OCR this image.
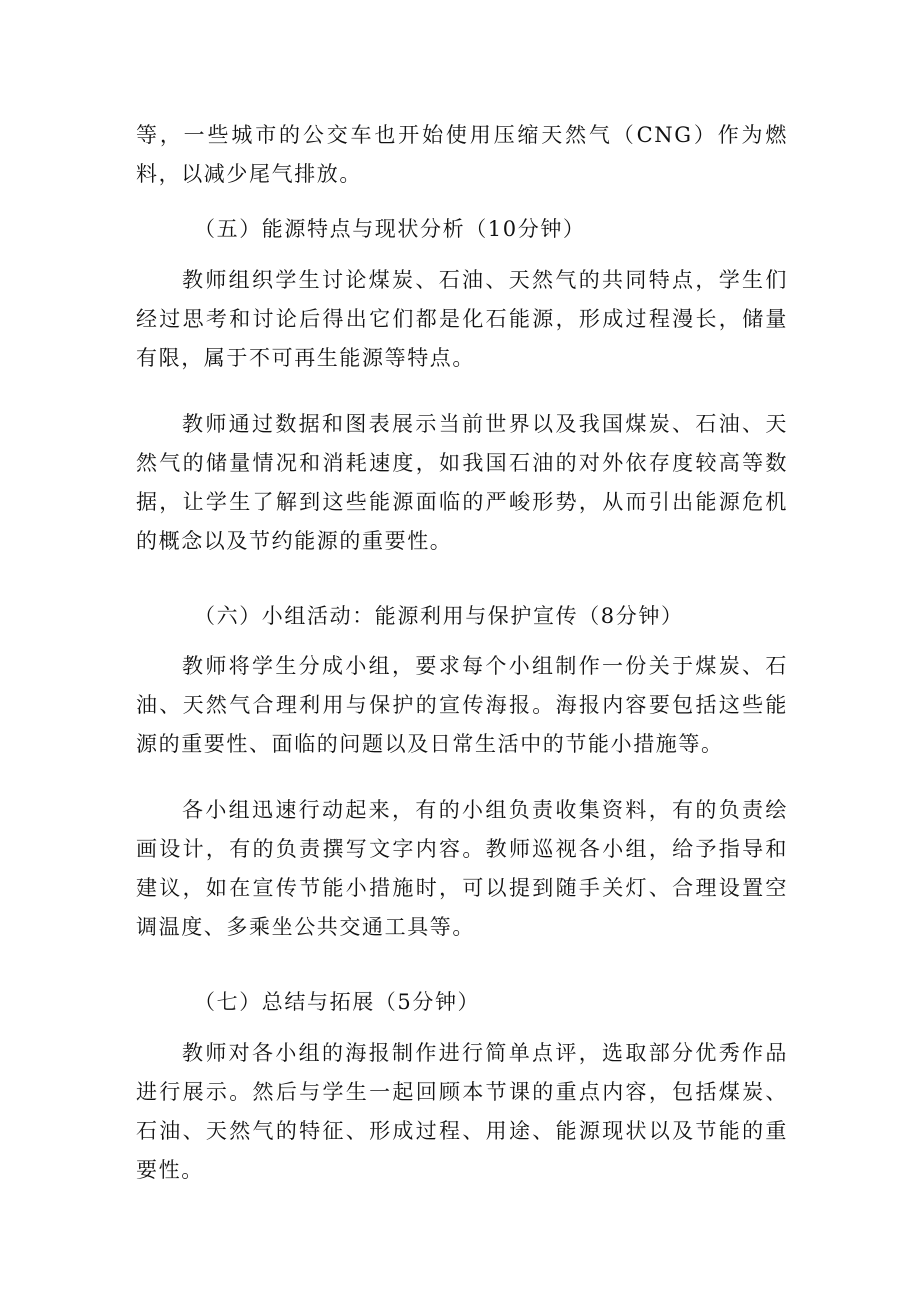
等，一些城市的公交车也开始使用压缩天然气（CNG）作为燃料，以减少尾气排放。

（五）能源特点与现状分析（10分钟）

教师组织学生讨论煤炭、石油、天然气的共同特点，学生们经过思考和讨论后得出它们都是化石能源，形成过程漫长，储量有限，属于不可再生能源等特点。

教师通过数据和图表展示当前世界以及我国煤炭、石油、天然气的储量情况和消耗速度，如我国石油的对外依存度较高等数据，让学生了解到这些能源面临的严峻形势，从而引出能源危机的概念以及节约能源的重要性。

（六）小组活动：能源利用与保护宣传（8分钟）

教师将学生分成小组，要求每个小组制作一份关于煤炭、石油、天然气合理利用与保护的宣传海报。海报内容要包括这些能源的重要性、面临的问题以及日常生活中的节能小措施等。

各小组迅速行动起来，有的小组负责收集资料，有的负责绘画设计，有的负责撰写文字内容。教师巡视各小组，给予指导和建议，如在宣传节能小措施时，可以提到随手关灯、合理设置空调温度、多乘坐公共交通工具等。

（七）总结与拓展（5分钟）

教师对各小组的海报制作进行简单点评，选取部分优秀作品进行展示。然后与学生一起回顾本节课的重点内容，包括煤炭、石油、天然气的特征、形成过程、用途、能源现状以及节能的重要性。
